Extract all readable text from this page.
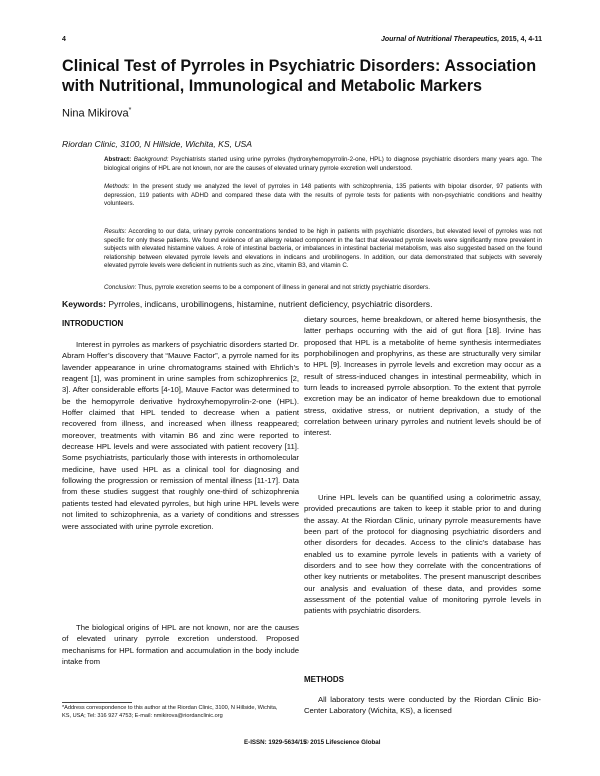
4	Journal of Nutritional Therapeutics, 2015, 4, 4-11
Clinical Test of Pyrroles in Psychiatric Disorders: Association with Nutritional, Immunological and Metabolic Markers
Nina Mikirova*
Riordan Clinic, 3100, N Hillside, Wichita, KS, USA

Abstract: Background: Psychiatrists started using urine pyrroles (hydroxyhemopyrrolin-2-one, HPL) to diagnose psychiatric disorders many years ago. The biological origins of HPL are not known, nor are the causes of elevated urinary pyrrole excretion well understood.

Methods: In the present study we analyzed the level of pyrroles in 148 patients with schizophrenia, 135 patients with bipolar disorder, 97 patients with depression, 119 patients with ADHD and compared these data with the results of pyrrole tests for patients with non-psychiatric conditions and healthy volunteers.

Results: According to our data, urinary pyrrole concentrations tended to be high in patients with psychiatric disorders, but elevated level of pyrroles was not specific for only these patients. We found evidence of an allergy related component in the fact that elevated pyrrole levels were significantly more prevalent in subjects with elevated histamine values. A role of intestinal bacteria, or imbalances in intestinal bacterial metabolism, was also suggested based on the found relationship between elevated pyrrole levels and elevations in indicans and urobilinogens. In addition, our data demonstrated that subjects with severely elevated pyrrole levels were deficient in nutrients such as zinc, vitamin B3, and vitamin C.

Conclusion: Thus, pyrrole excretion seems to be a component of illness in general and not strictly psychiatric disorders.

Keywords: Pyrroles, indicans, urobilinogens, histamine, nutrient deficiency, psychiatric disorders.
INTRODUCTION

Interest in pyrroles as markers of psychiatric disorders started Dr. Abram Hoffer’s discovery that “Mauve Factor”, a pyrrole named for its lavender appearance in urine chromatograms stained with Ehrlich’s reagent [1], was prominent in urine samples from schizophrenics [2, 3]. After considerable efforts [4-10], Mauve Factor was determined to be the hemopyrrole derivative hydroxyhemopyrrolin-2-one (HPL). Hoffer claimed that HPL tended to decrease when a patient recovered from illness, and increased when illness reappeared; moreover, treatments with vitamin B6 and zinc were reported to decrease HPL levels and were associated with patient recovery [11]. Some psychiatrists, particularly those with interests in orthomolecular medicine, have used HPL as a clinical tool for diagnosing and following the progression or remission of mental illness [11-17]. Data from these studies suggest that roughly one-third of schizophrenia patients tested had elevated pyrroles, but high urine HPL levels were not limited to schizophrenia, as a variety of conditions and stresses were associated with urine pyrrole excretion.

The biological origins of HPL are not known, nor are the causes of elevated urinary pyrrole excretion understood. Proposed mechanisms for HPL formation and accumulation in the body include intake from

dietary sources, heme breakdown, or altered heme biosynthesis, the latter perhaps occurring with the aid of gut flora [18]. Irvine has proposed that HPL is a metabolite of heme synthesis intermediates porphobilinogen and prophyrins, as these are structurally very similar to HPL [9]. Increases in pyrrole levels and excretion may occur as a result of stress-induced changes in intestinal permeability, which in turn leads to increased pyrrole absorption. To the extent that pyrrole excretion may be an indicator of heme breakdown due to emotional stress, oxidative stress, or nutrient deprivation, a study of the correlation between urinary pyrroles and nutrient levels should be of interest.

Urine HPL levels can be quantified using a colorimetric assay, provided precautions are taken to keep it stable prior to and during the assay. At the Riordan Clinic, urinary pyrrole measurements have been part of the protocol for diagnosing psychiatric disorders and other disorders for decades. Access to the clinic’s database has enabled us to examine pyrrole levels in patients with a variety of disorders and to see how they correlate with the concentrations of other key nutrients or metabolites. The present manuscript describes our analysis and evaluation of these data, and provides some assessment of the potential value of monitoring pyrrole levels in patients with psychiatric disorders.

METHODS

All laboratory tests were conducted by the Riordan Clinic Bio-Center Laboratory (Wichita, KS), a licensed

*Address correspondence to this author at the Riordan Clinic, 3100, N Hillside, Wichita, KS, USA; Tel: 316 927 4753; E-mail: nmikirova@riordanclinic.org

E-ISSN: 1929-5634/15
© 2015 Lifescience Global
